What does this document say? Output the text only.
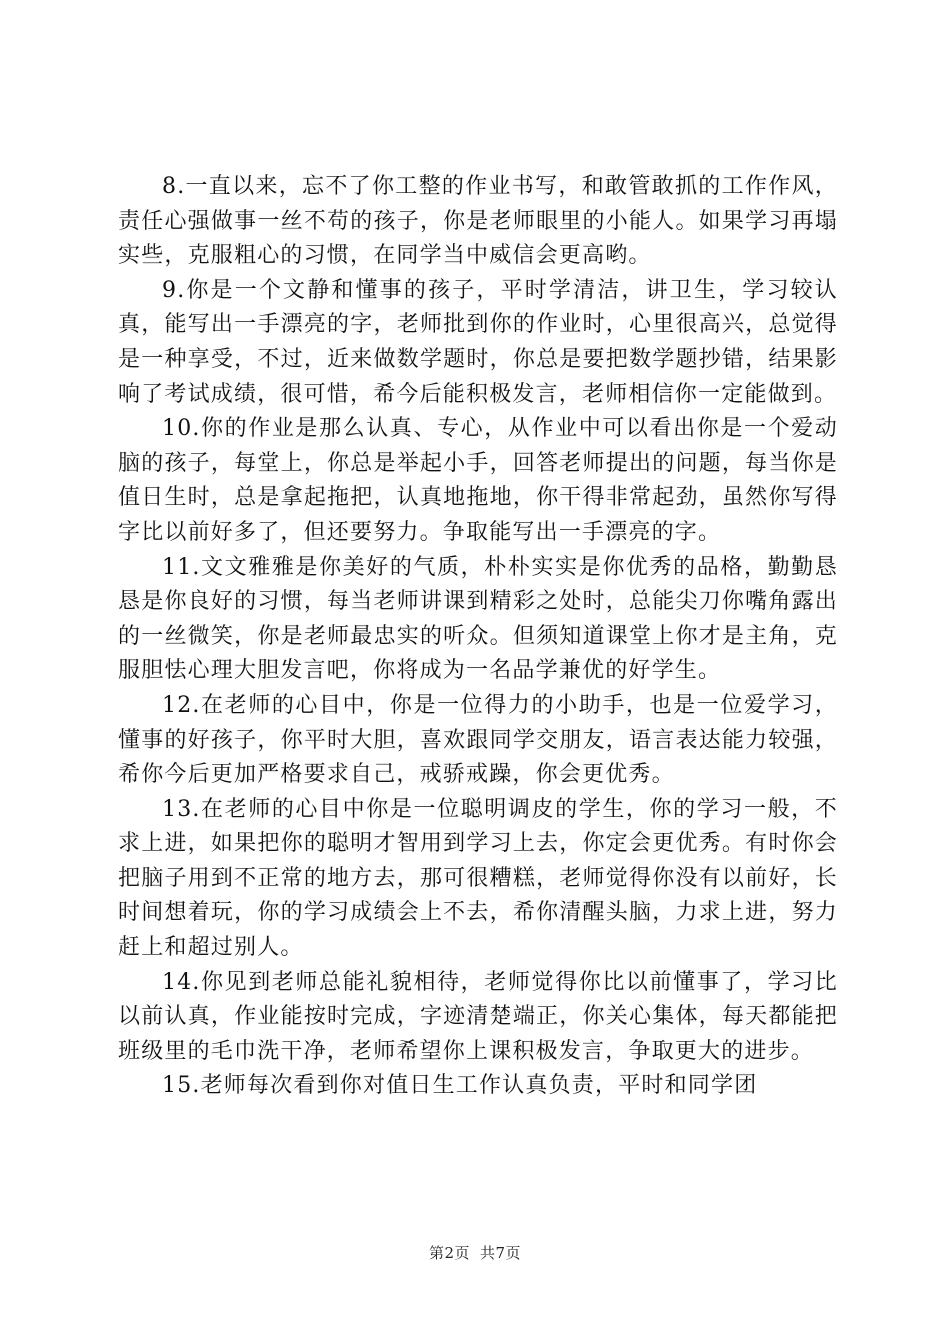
8.一直以来，忘不了你工整的作业书写，和敢管敢抓的工作作风，责任心强做事一丝不苟的孩子，你是老师眼里的小能人。如果学习再塌实些，克服粗心的习惯，在同学当中威信会更高哟。

9.你是一个文静和懂事的孩子，平时学清洁，讲卫生，学习较认真，能写出一手漂亮的字，老师批到你的作业时，心里很高兴，总觉得是一种享受，不过，近来做数学题时，你总是要把数学题抄错，结果影响了考试成绩，很可惜，希今后能积极发言，老师相信你一定能做到。

10.你的作业是那么认真、专心，从作业中可以看出你是一个爱动脑的孩子，每堂上，你总是举起小手，回答老师提出的问题，每当你是值日生时，总是拿起拖把，认真地拖地，你干得非常起劲，虽然你写得字比以前好多了，但还要努力。争取能写出一手漂亮的字。

11.文文雅雅是你美好的气质，朴朴实实是你优秀的品格，勤勤恳恳是你良好的习惯，每当老师讲课到精彩之处时，总能尖刀你嘴角露出的一丝微笑，你是老师最忠实的听众。但须知道课堂上你才是主角，克服胆怯心理大胆发言吧，你将成为一名品学兼优的好学生。

12.在老师的心目中，你是一位得力的小助手，也是一位爱学习，懂事的好孩子，你平时大胆，喜欢跟同学交朋友，语言表达能力较强，希你今后更加严格要求自己，戒骄戒躁，你会更优秀。

13.在老师的心目中你是一位聪明调皮的学生，你的学习一般，不求上进，如果把你的聪明才智用到学习上去，你定会更优秀。有时你会把脑子用到不正常的地方去，那可很糟糕，老师觉得你没有以前好，长时间想着玩，你的学习成绩会上不去，希你清醒头脑，力求上进，努力赶上和超过别人。

14.你见到老师总能礼貌相待，老师觉得你比以前懂事了，学习比以前认真，作业能按时完成，字迹清楚端正，你关心集体，每天都能把班级里的毛巾洗干净，老师希望你上课积极发言，争取更大的进步。

15.老师每次看到你对值日生工作认真负责，平时和同学团

第2页 共7页
